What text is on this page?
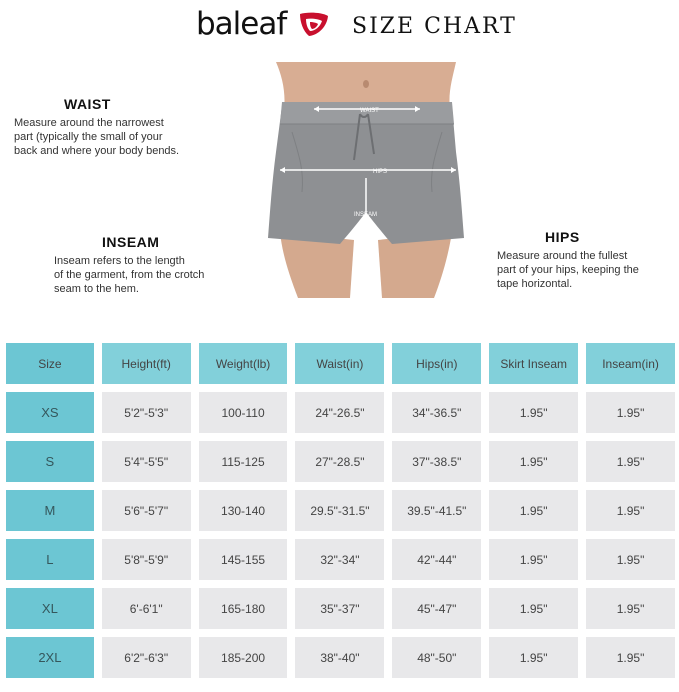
baleaf	SIZE CHART
WAIST

Measure around the narrowest
part (typically the small of your
back and where your body bends.

INSEAM

Inseam refers to the length
of the garment, from the crotch
seam to the hem.

HIPS

Measure around the fullest
part of your hips, keeping the
tape horizontal.

WAIST
HIPS
INSEAM
Size	Height(ft)	Weight(lb)	Waist(in)	Hips(in)	Skirt Inseam	Inseam(in)
XS	5'2"-5'3"	100-110	24"-26.5"	34"-36.5"	1.95"	1.95"
S	5'4"-5'5"	115-125	27"-28.5"	37"-38.5"	1.95"	1.95"
M	5'6"-5'7"	130-140	29.5"-31.5"	39.5"-41.5"	1.95"	1.95"
L	5'8"-5'9"	145-155	32"-34"	42"-44"	1.95"	1.95"
XL	6'-6'1"	165-180	35"-37"	45"-47"	1.95"	1.95"
2XL	6'2"-6'3"	185-200	38"-40"	48"-50"	1.95"	1.95"
